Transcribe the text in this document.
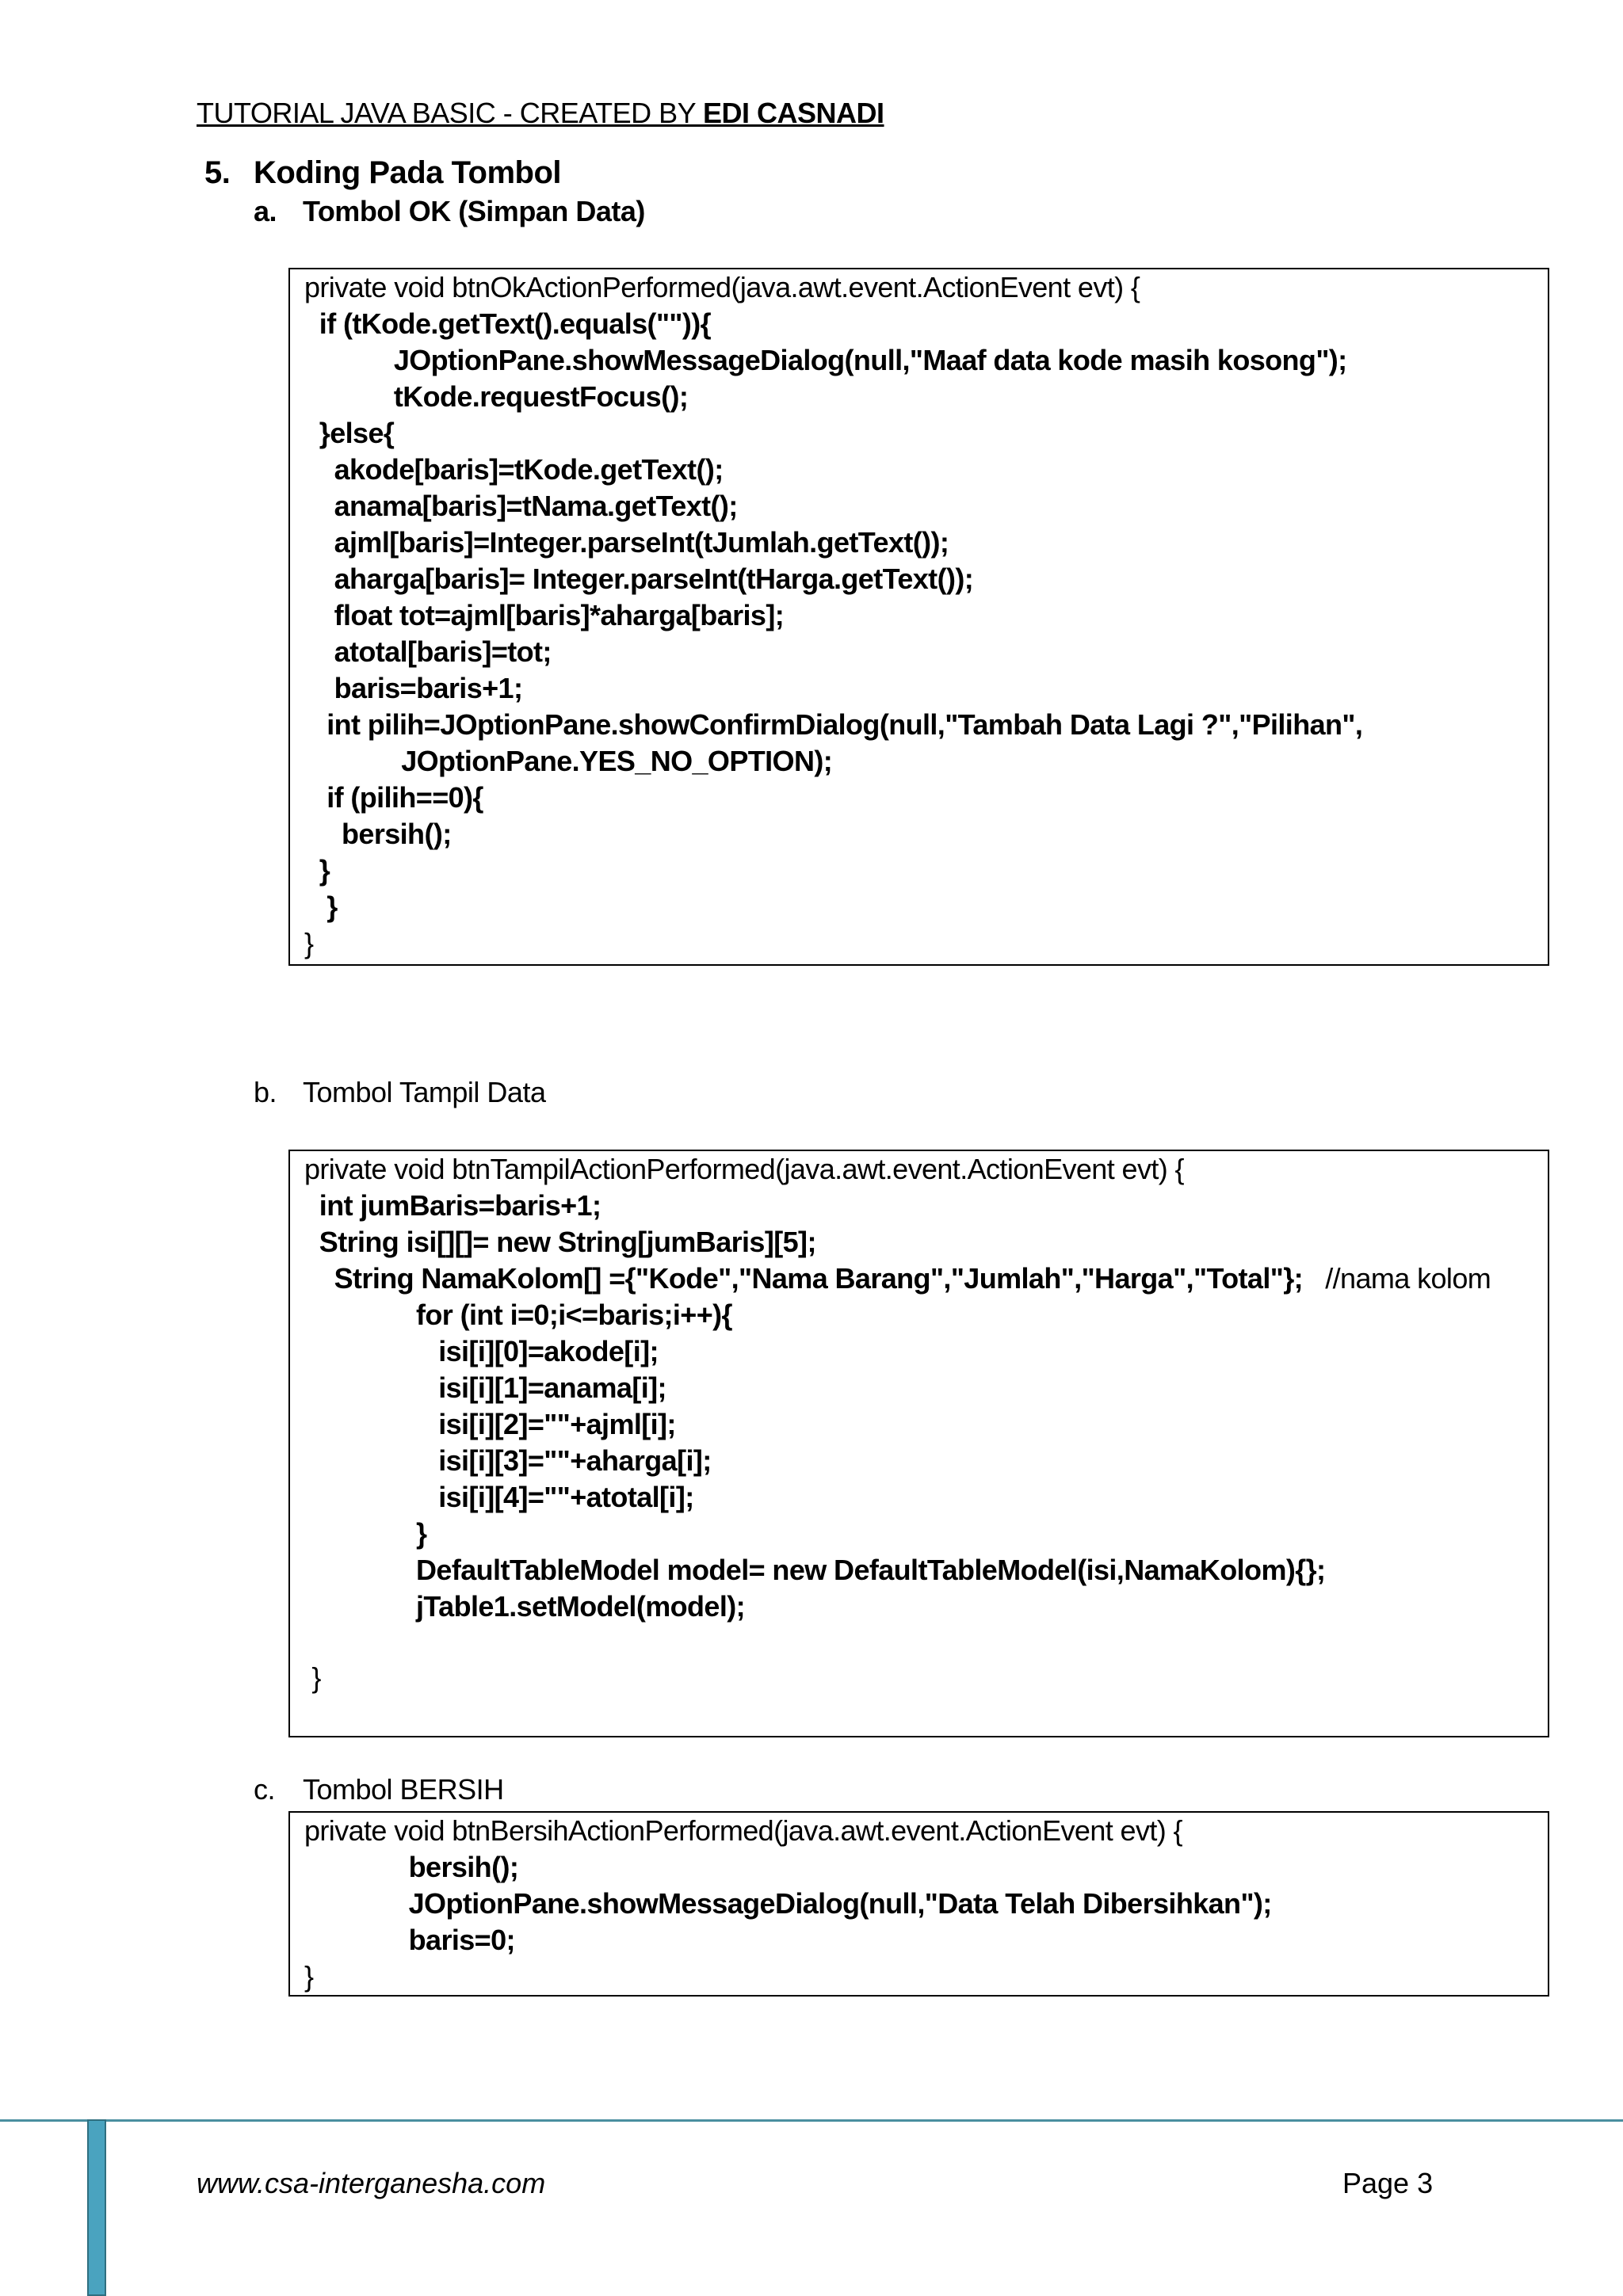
TUTORIAL JAVA BASIC - CREATED BY EDI CASNADI
5. Koding Pada Tombol
a. Tombol OK (Simpan Data)
private void btnOkActionPerformed(java.awt.event.ActionEvent evt) {
if (tKode.getText().equals("")){
JOptionPane.showMessageDialog(null,"Maaf data kode masih kosong");
tKode.requestFocus();
}else{
akode[baris]=tKode.getText();
anama[baris]=tNama.getText();
ajml[baris]=Integer.parseInt(tJumlah.getText());
aharga[baris]= Integer.parseInt(tHarga.getText());
float tot=ajml[baris]*aharga[baris];
atotal[baris]=tot;
baris=baris+1;
int pilih=JOptionPane.showConfirmDialog(null,"Tambah Data Lagi ?","Pilihan",
JOptionPane.YES_NO_OPTION);
if (pilih==0){
bersih();
}
}
}
b. Tombol Tampil Data
private void btnTampilActionPerformed(java.awt.event.ActionEvent evt) {
int jumBaris=baris+1;
String isi[][]= new String[jumBaris][5];
String NamaKolom[] ={"Kode","Nama Barang","Jumlah","Harga","Total"};   //nama kolom
for (int i=0;i<=baris;i++){
isi[i][0]=akode[i];
isi[i][1]=anama[i];
isi[i][2]=""+ajml[i];
isi[i][3]=""+aharga[i];
isi[i][4]=""+atotal[i];
}
DefaultTableModel model= new DefaultTableModel(isi,NamaKolom){};
jTable1.setModel(model);
}
c. Tombol BERSIH
private void btnBersihActionPerformed(java.awt.event.ActionEvent evt) {
bersih();
JOptionPane.showMessageDialog(null,"Data Telah Dibersihkan");
baris=0;
}
www.csa-interganesha.com	Page 3
